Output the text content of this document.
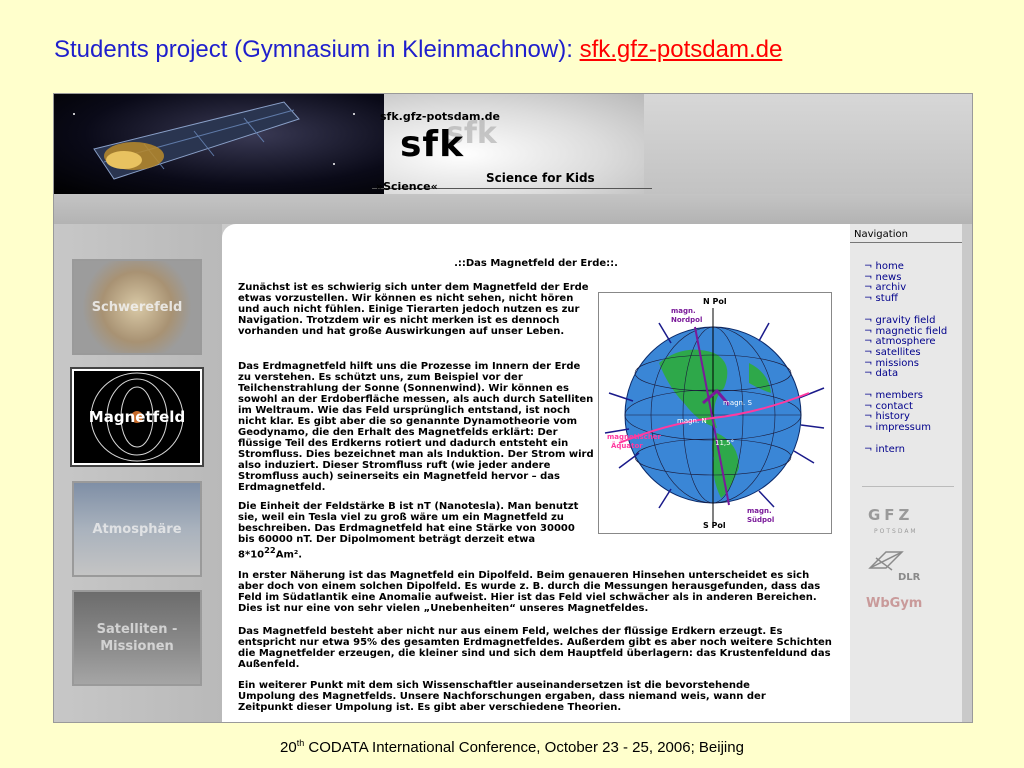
Students project (Gymnasium in Kleinmachnow): sfk.gfz-potsdam.de
sfk.gfz-potsdam.de
sfk
sfk
»Science«
Science for Kids
Schwerefeld
Magnetfeld
Atmosphäre
Satelliten -
Missionen
.::Das Magnetfeld der Erde::.

Zunächst ist es schwierig sich unter dem Magnetfeld der Erde etwas vorzustellen. Wir können es nicht sehen, nicht hören und auch nicht fühlen. Einige Tierarten jedoch nutzen es zur Navigation. Trotzdem wir es nicht merken ist es dennoch vorhanden und hat große Auswirkungen auf unser Leben.

Das Erdmagnetfeld hilft uns die Prozesse im Innern der Erde zu verstehen. Es schützt uns, zum Beispiel vor der Teilchenstrahlung der Sonne (Sonnenwind). Wir können es sowohl an der Erdoberfläche messen, als auch durch Satelliten im Weltraum. Wie das Feld ursprünglich entstand, ist noch nicht klar. Es gibt aber die so genannte Dynamotheorie vom Geodynamo, die den Erhalt des Magnetfelds erklärt: Der flüssige Teil des Erdkerns rotiert und dadurch entsteht ein Stromfluss. Dies bezeichnet man als Induktion. Der Strom wird also induziert. Dieser Stromfluss ruft (wie jeder andere Stromfluss auch) seinerseits ein Magnetfeld hervor – das Erdmagnetfeld.

Die Einheit der Feldstärke B ist nT (Nanotesla). Man benutzt sie, weil ein Tesla viel zu groß wäre um ein Magnetfeld zu beschreiben. Das Erdmagnetfeld hat eine Stärke von 30000 bis 60000 nT. Der Dipolmoment beträgt derzeit etwa $8*10^{22}Am^2$.

In erster Näherung ist das Magnetfeld ein Dipolfeld. Beim genaueren Hinsehen unterscheidet es sich aber doch von einem solchen Dipolfeld. Es wurde z. B. durch die Messungen herausgefunden, dass das Feld im Südatlantik eine Anomalie aufweist. Hier ist das Feld viel schwächer als in anderen Bereichen. Dies ist nur eine von sehr vielen „Unebenheiten“ unseres Magnetfeldes.

Das Magnetfeld besteht aber nicht nur aus einem Feld, welches der flüssige Erdkern erzeugt. Es entspricht nur etwa 95% des gesamten Erdmagnetfeldes. Außerdem gibt es aber noch weitere Schichten die Magnetfelder erzeugen, die kleiner sind und sich dem Hauptfeld überlagern: das Krustenfeldund das Außenfeld.

Ein weiterer Punkt mit dem sich Wissenschaftler auseinandersetzen ist die bevorstehende Umpolung des Magnetfelds. Unsere Nachforschungen ergaben, dass niemand weis, wann der Zeitpunkt dieser Umpolung ist. Es gibt aber verschiedene Theorien.

N Pol
S Pol
magn.
Nordpol
magn.
Südpol
magn. S
magn. N
11,5°
magnetischer
Äquator
Navigation
¬ home
¬ news
¬ archiv
¬ stuff
¬ gravity field
¬ magnetic field
¬ atmosphere
¬ satellites
¬ missions
¬ data
¬ members
¬ contact
¬ history
¬ impressum
¬ intern
GFZ
POTSDAM
DLR
WbGym
20th CODATA International Conference, October 23 - 25, 2006; Beijing
